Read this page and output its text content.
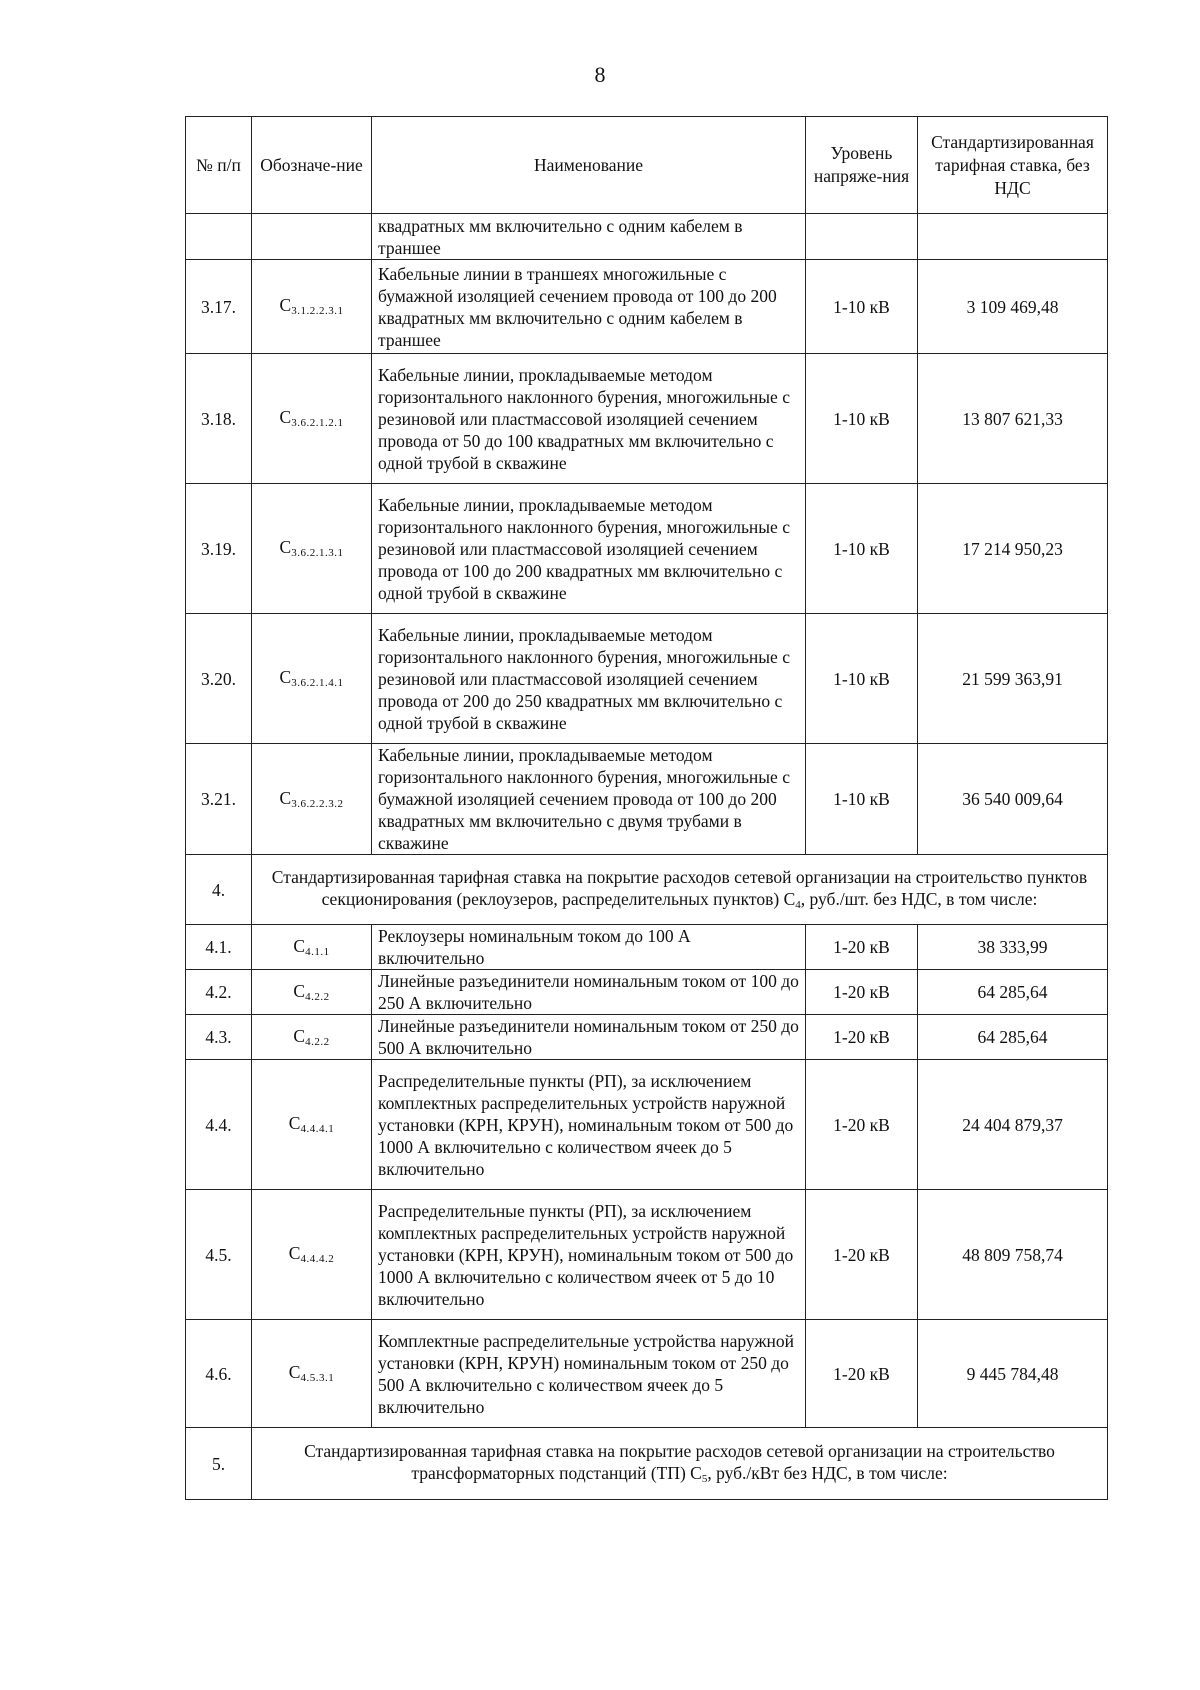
8
№ п/п	Обозначе-ние	Наименование	Уровень напряже-ния	Стандартизированная тарифная ставка, без НДС
		квадратных мм включительно с одним кабелем в траншее		
3.17.	C3.1.2.2.3.1	Кабельные линии в траншеях многожильные с бумажной изоляцией сечением провода от 100 до 200 квадратных мм включительно с одним кабелем в траншее	1-10 кВ	3 109 469,48
3.18.	C3.6.2.1.2.1	Кабельные линии, прокладываемые методом горизонтального наклонного бурения, многожильные с резиновой или пластмассовой изоляцией сечением провода от 50 до 100 квадратных мм включительно с одной трубой в скважине	1-10 кВ	13 807 621,33
3.19.	C3.6.2.1.3.1	Кабельные линии, прокладываемые методом горизонтального наклонного бурения, многожильные с резиновой или пластмассовой изоляцией сечением провода от 100 до 200 квадратных мм включительно с одной трубой в скважине	1-10 кВ	17 214 950,23
3.20.	C3.6.2.1.4.1	Кабельные линии, прокладываемые методом горизонтального наклонного бурения, многожильные с резиновой или пластмассовой изоляцией сечением провода от 200 до 250 квадратных мм включительно с одной трубой в скважине	1-10 кВ	21 599 363,91
3.21.	C3.6.2.2.3.2	Кабельные линии, прокладываемые методом горизонтального наклонного бурения, многожильные с бумажной изоляцией сечением провода от 100 до 200 квадратных мм включительно с двумя трубами в скважине	1-10 кВ	36 540 009,64
4.	Стандартизированная тарифная ставка на покрытие расходов сетевой организации на строительство пунктов секционирования (реклоузеров, распределительных пунктов) C4, руб./шт. без НДС, в том числе:			
4.1.	C4.1.1	Реклоузеры номинальным током до 100 А включительно	1-20 кВ	38 333,99
4.2.	C4.2.2	Линейные разъединители номинальным током от 100 до 250 А включительно	1-20 кВ	64 285,64
4.3.	C4.2.2	Линейные разъединители номинальным током от 250 до 500 А включительно	1-20 кВ	64 285,64
4.4.	C4.4.4.1	Распределительные пункты (РП), за исключением комплектных распределительных устройств наружной установки (КРН, КРУН), номинальным током от 500 до 1000 А включительно с количеством ячеек до 5 включительно	1-20 кВ	24 404 879,37
4.5.	C4.4.4.2	Распределительные пункты (РП), за исключением комплектных распределительных устройств наружной установки (КРН, КРУН), номинальным током от 500 до 1000 А включительно с количеством ячеек от 5 до 10 включительно	1-20 кВ	48 809 758,74
4.6.	C4.5.3.1	Комплектные распределительные устройства наружной установки (КРН, КРУН) номинальным током от 250 до 500 А включительно с количеством ячеек до 5 включительно	1-20 кВ	9 445 784,48
5.	Стандартизированная тарифная ставка на покрытие расходов сетевой организации на строительство трансформаторных подстанций (ТП) C5, руб./кВт без НДС, в том числе:			
